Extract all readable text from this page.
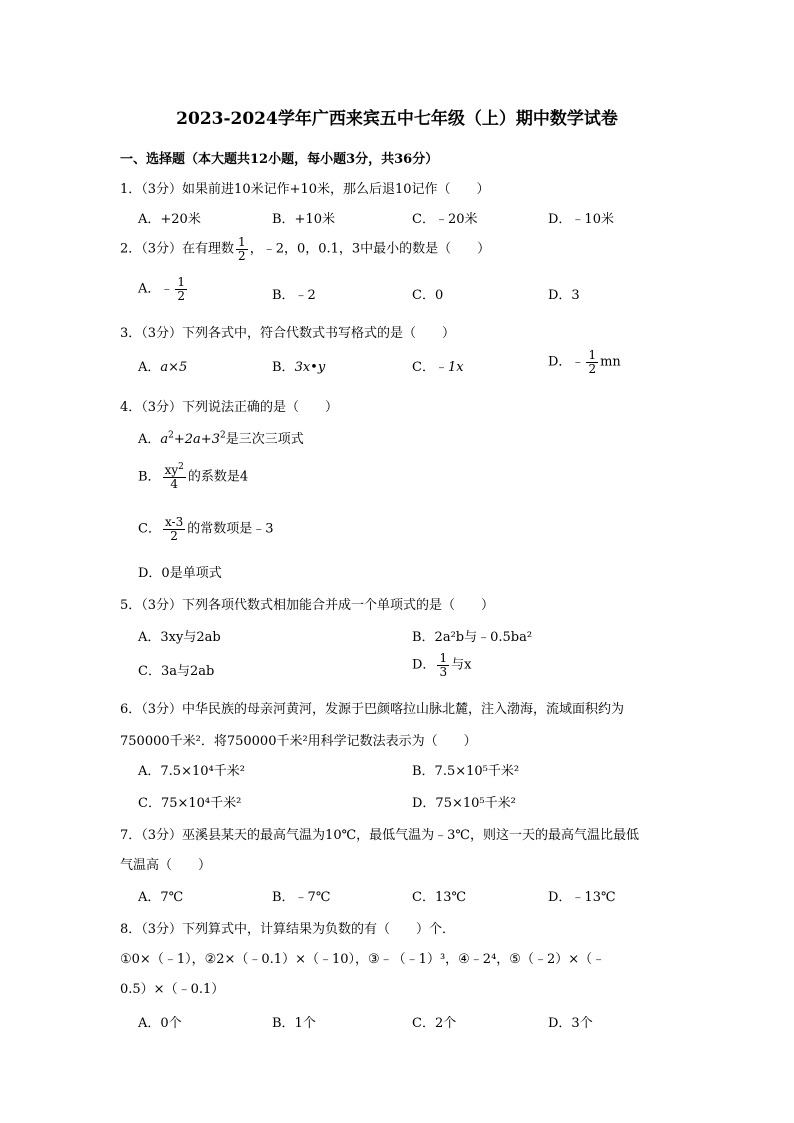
2023-2024学年广西来宾五中七年级（上）期中数学试卷
一、选择题（本大题共12小题，每小题3分，共36分）
1．（3分）如果前进10米记作+10米，那么后退10记作（　　）
A．+20米	B．+10米	C．﹣20米	D．﹣10米
2．（3分）在有理数 $\frac{1}{2}$ ，﹣2，0，0.1，3中最小的数是（　　）
A．﹣ $\frac{1}{2}$	B．﹣2	C．0	D．3
3．（3分）下列各式中，符合代数式书写格式的是（　　）
A．a×5	B．3x•y	C．﹣1x	D．﹣ $\frac{1}{2}$ mn
4．（3分）下列说法正确的是（　　）
A．$a^2+2a+3^2$是三次三项式
B． $\frac{xy^2}{4}$ 的系数是4
C． $\frac{x-3}{2}$ 的常数项是﹣3
D．0是单项式
5．（3分）下列各项代数式相加能合并成一个单项式的是（　　）
A．3xy与2ab	B．2a²b与﹣0.5ba²
C．3a与2ab	D． $\frac{1}{3}$ 与x
6．（3分）中华民族的母亲河黄河，发源于巴颜喀拉山脉北麓，注入渤海，流域面积约为
750000千米²．将750000千米²用科学记数法表示为（　　）
A．7.5×10⁴千米²	B．7.5×10⁵千米²
C．75×10⁴千米²	D．75×10⁵千米²
7．（3分）巫溪县某天的最高气温为10℃，最低气温为﹣3℃，则这一天的最高气温比最低
气温高（　　）
A．7℃	B．﹣7℃	C．13℃	D．﹣13℃
8．（3分）下列算式中，计算结果为负数的有（　　）个．
①0×（﹣1），②2×（﹣0.1）×（﹣10），③﹣（﹣1）³，④﹣2⁴，⑤（﹣2）×（﹣
0.5）×（﹣0.1）
A．0个	B．1个	C．2个	D．3个
